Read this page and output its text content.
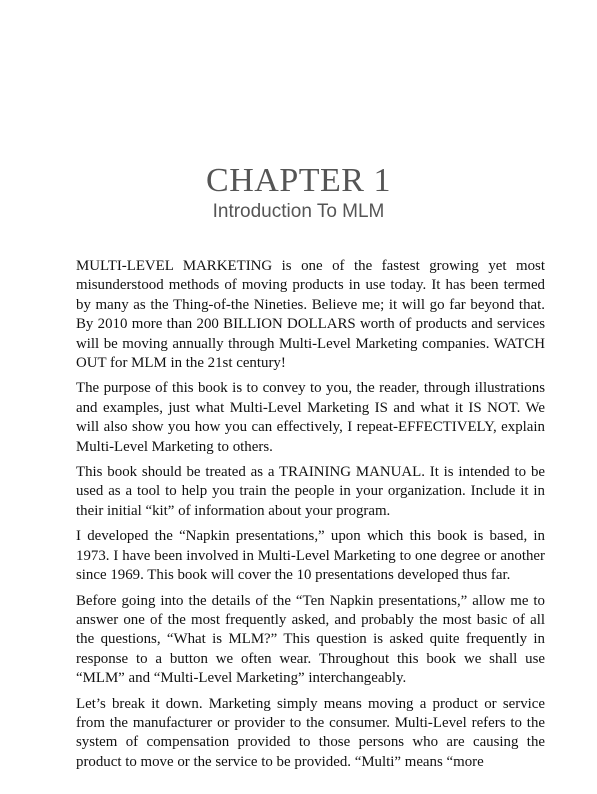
CHAPTER 1
Introduction To MLM

MULTI-LEVEL MARKETING is one of the fastest growing yet most misunderstood methods of moving products in use today. It has been termed by many as the Thing-of-the Nineties. Believe me; it will go far beyond that. By 2010 more than 200 BILLION DOLLARS worth of products and services will be moving annually through Multi-Level Marketing companies. WATCH OUT for MLM in the 21st century!

The purpose of this book is to convey to you, the reader, through illustrations and examples, just what Multi-Level Marketing IS and what it IS NOT. We will also show you how you can effectively, I repeat-EFFECTIVELY, explain Multi-Level Marketing to others.

This book should be treated as a TRAINING MANUAL. It is intended to be used as a tool to help you train the people in your organization. Include it in their initial “kit” of information about your program.

I developed the “Napkin presentations,” upon which this book is based, in 1973. I have been involved in Multi-Level Marketing to one degree or another since 1969. This book will cover the 10 presentations developed thus far.

Before going into the details of the “Ten Napkin presentations,” allow me to answer one of the most frequently asked, and probably the most basic of all the questions, “What is MLM?” This question is asked quite frequently in response to a button we often wear. Throughout this book we shall use “MLM” and “Multi-Level Marketing” interchangeably.

Let’s break it down. Marketing simply means moving a product or service from the manufacturer or provider to the consumer. Multi-Level refers to the system of compensation provided to those persons who are causing the product to move or the service to be provided. “Multi” means “more
